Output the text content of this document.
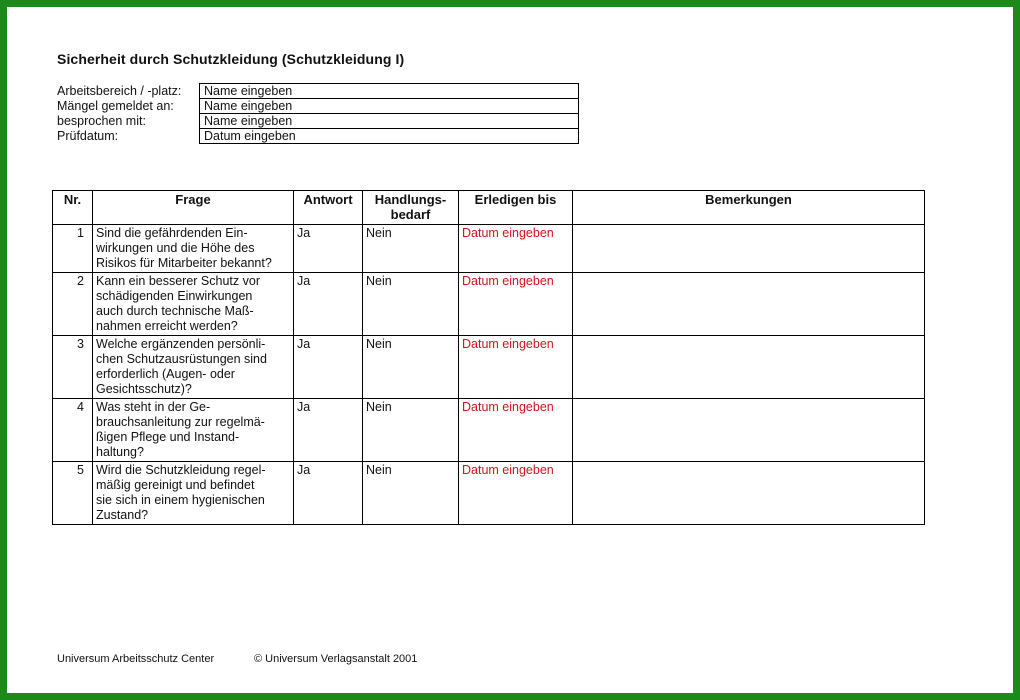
Sicherheit durch Schutzkleidung (Schutzkleidung I)
Arbeitsbereich / -platz:	Name eingeben
Mängel gemeldet an:	Name eingeben
besprochen mit:	Name eingeben
Prüfdatum:	Datum eingeben
Nr.	Frage	Antwort	Handlungs-
bedarf	Erledigen bis	Bemerkungen
1	Sind die gefährdenden Ein-
wirkungen und die Höhe des
Risikos für Mitarbeiter bekannt?	Ja	Nein	Datum eingeben	
2	Kann ein besserer Schutz vor
schädigenden Einwirkungen
auch durch technische Maß-
nahmen erreicht werden?	Ja	Nein	Datum eingeben	
3	Welche ergänzenden persönli-
chen Schutzausrüstungen sind
erforderlich (Augen- oder
Gesichtsschutz)?	Ja	Nein	Datum eingeben	
4	Was steht in der Ge-
brauchsanleitung zur regelmä-
ßigen Pflege und Instand-
haltung?	Ja	Nein	Datum eingeben	
5	Wird die Schutzkleidung regel-
mäßig gereinigt und befindet
sie sich in einem hygienischen
Zustand?	Ja	Nein	Datum eingeben	
Universum Arbeitsschutz Center	© Universum Verlagsanstalt 2001
